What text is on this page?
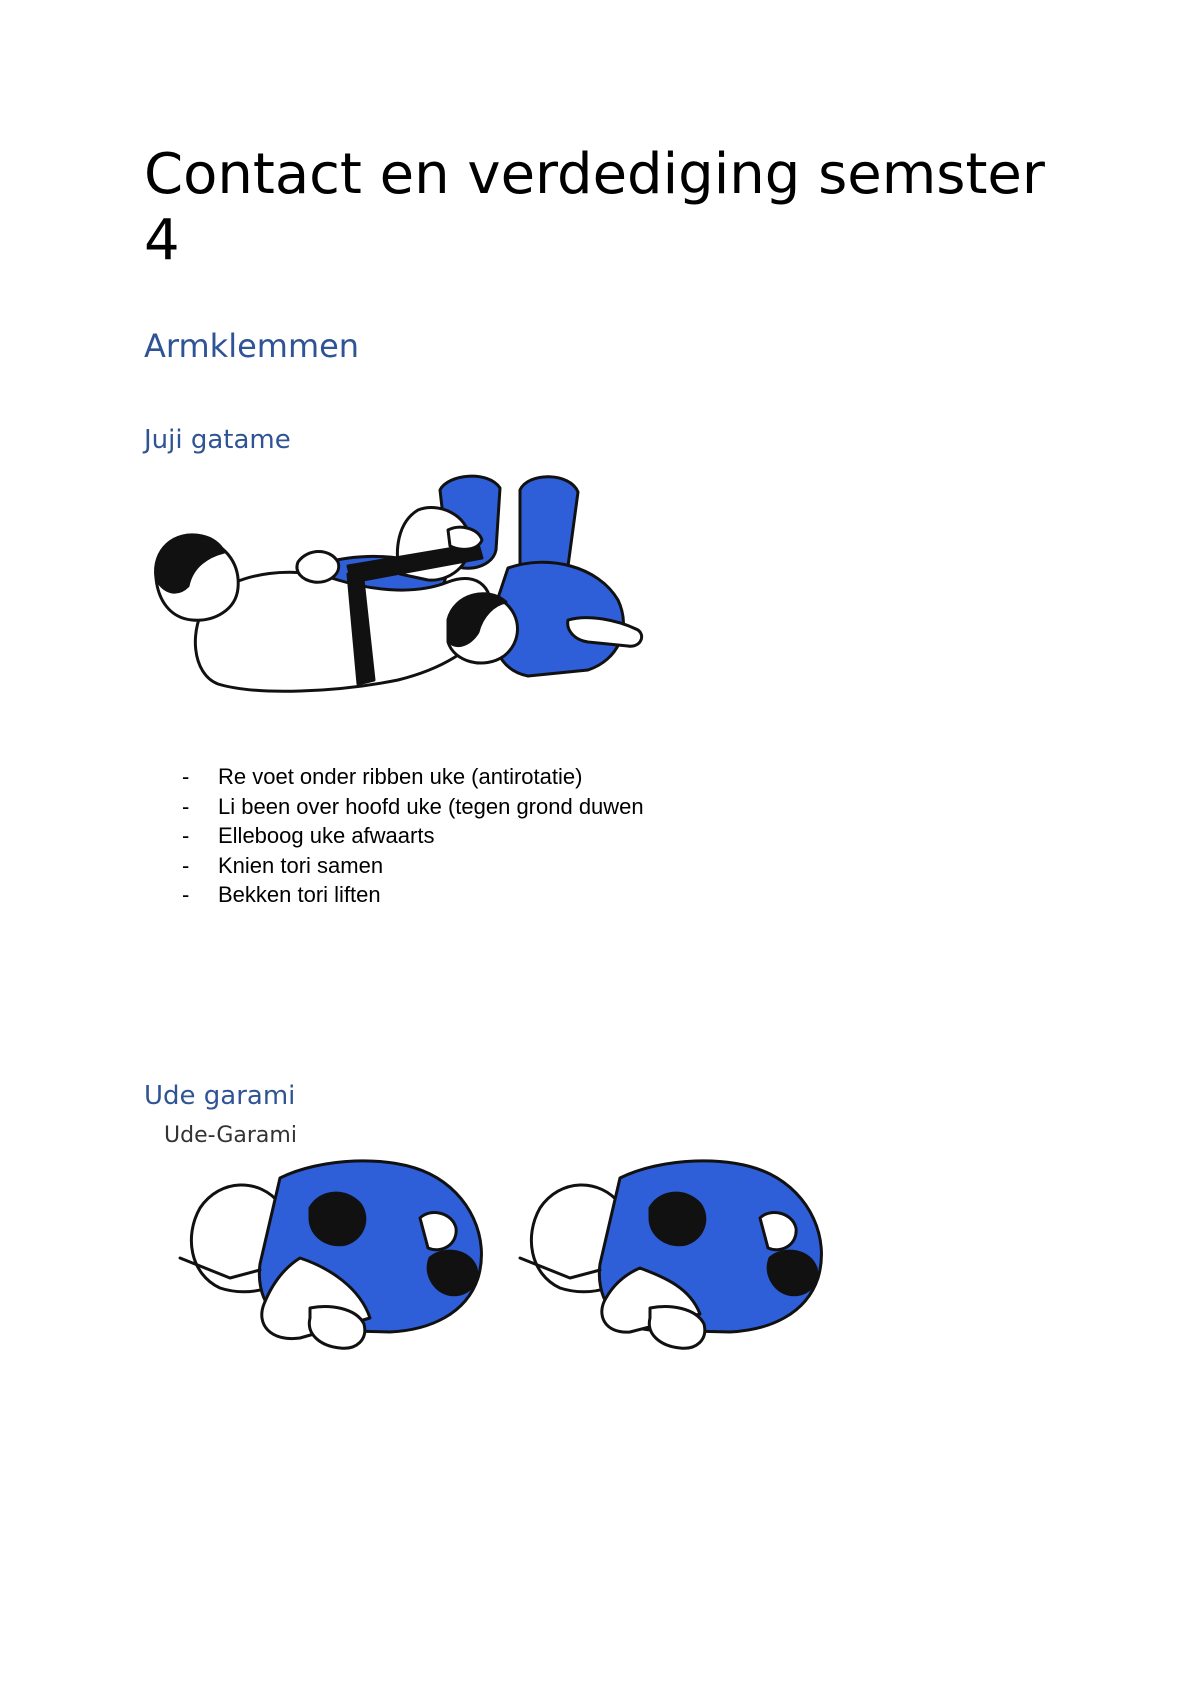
Contact en verdediging semster 4
Armklemmen
Juji gatame
- Re voet onder ribben uke (antirotatie)
- Li been over hoofd uke (tegen grond duwen
- Elleboog uke afwaarts
- Knien tori samen
- Bekken tori liften
Ude garami
Ude-Garami
